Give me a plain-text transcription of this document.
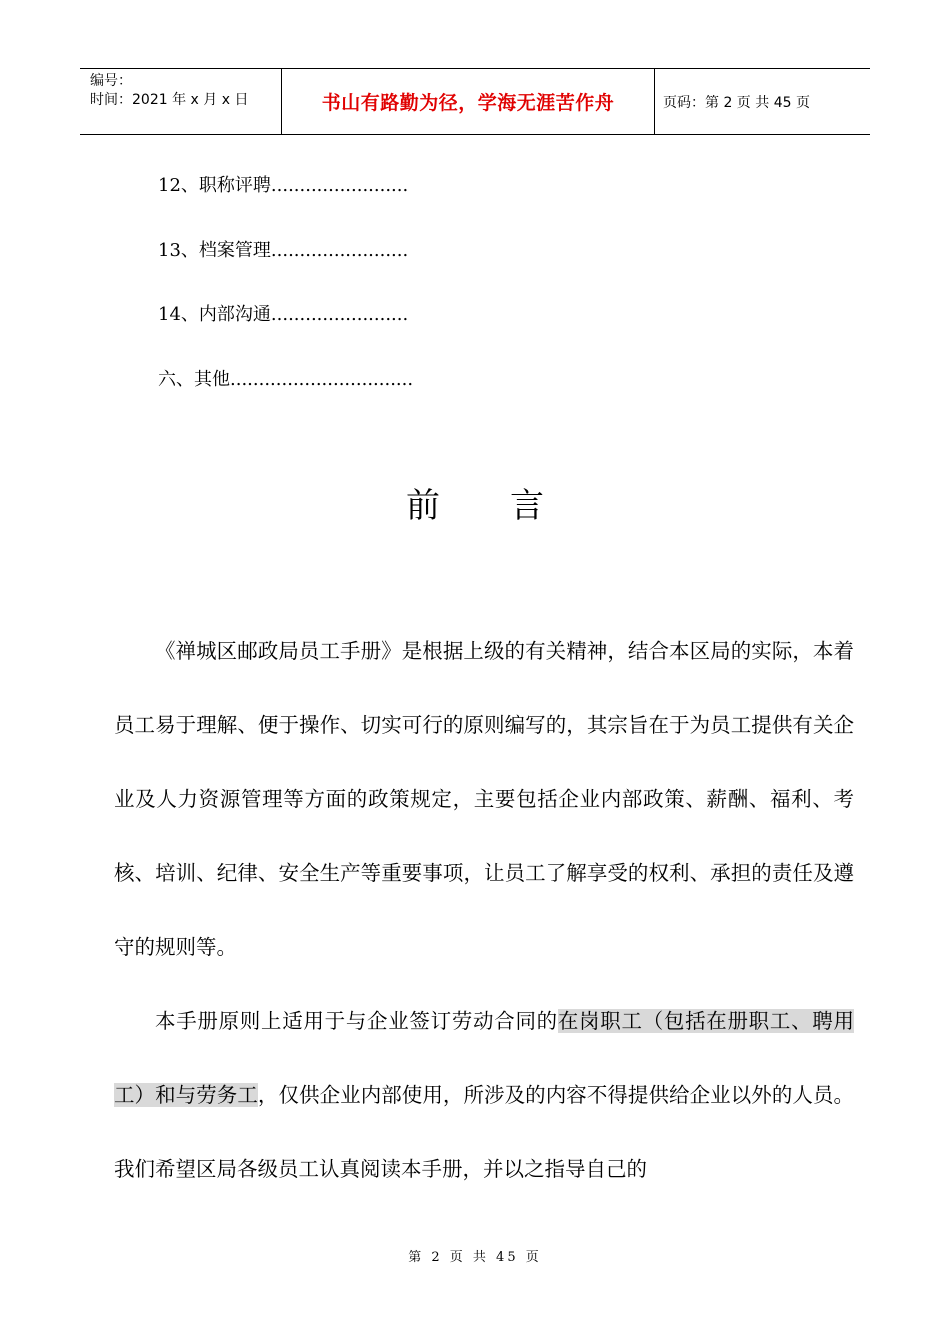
编号：
时间：2021 年 x 月 x 日	书山有路勤为径，学海无涯苦作舟	页码：第 2 页 共 45 页
12、职称评聘........................
13、档案管理........................
14、内部沟通........................
六、其他................................
前 言

《禅城区邮政局员工手册》是根据上级的有关精神，结合本区局的实际，本着员工易于理解、便于操作、切实可行的原则编写的，其宗旨在于为员工提供有关企业及人力资源管理等方面的政策规定，主要包括企业内部政策、薪酬、福利、考核、培训、纪律、安全生产等重要事项，让员工了解享受的权利、承担的责任及遵守的规则等。

本手册原则上适用于与企业签订劳动合同的在岗职工（包括在册职工、聘用工）和与劳务工，仅供企业内部使用，所涉及的内容不得提供给企业以外的人员。我们希望区局各级员工认真阅读本手册，并以之指导自己的

第 2 页 共 45 页
